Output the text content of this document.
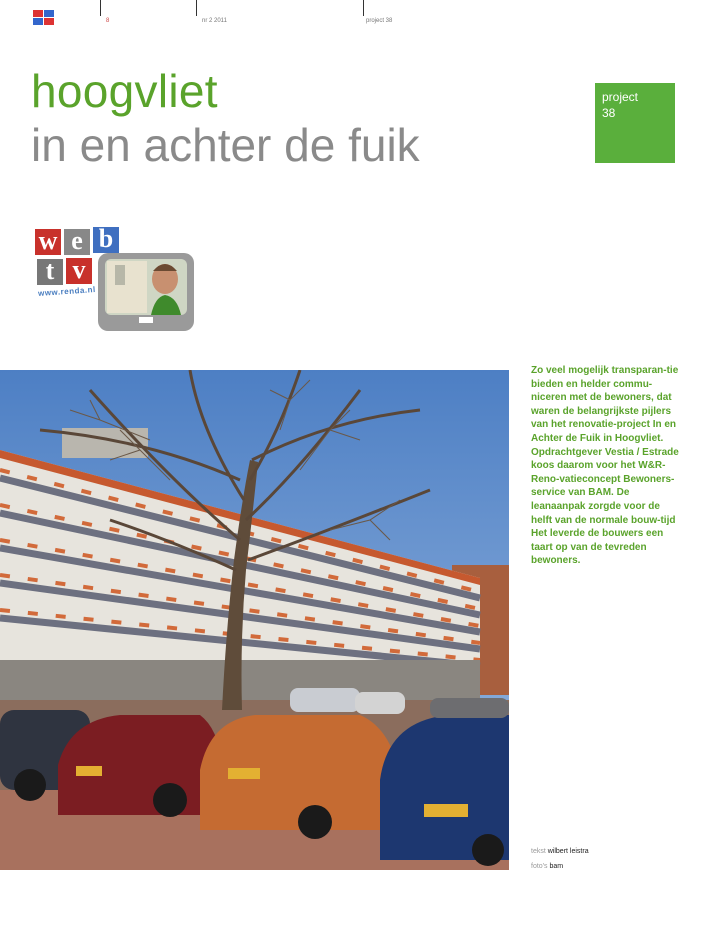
8	nr 2 2011	project 38
hoogvliet
in en achter de fuik
project
38
w e b
t v
www.renda.nl
Zo veel mogelijk transparan-tie bieden en helder commu-niceren met de bewoners, dat waren de belangrijkste pijlers van het renovatie-project In en Achter de Fuik in Hoogvliet. Opdrachtgever Vestia / Estrade koos daarom voor het W&R-Reno-vatieconcept Bewoners-service van BAM. De leanaanpak zorgde voor de helft van de normale bouw-tijd Het leverde de bouwers een taart op van de tevreden bewoners.
tekst wilbert leistra
foto's bam
